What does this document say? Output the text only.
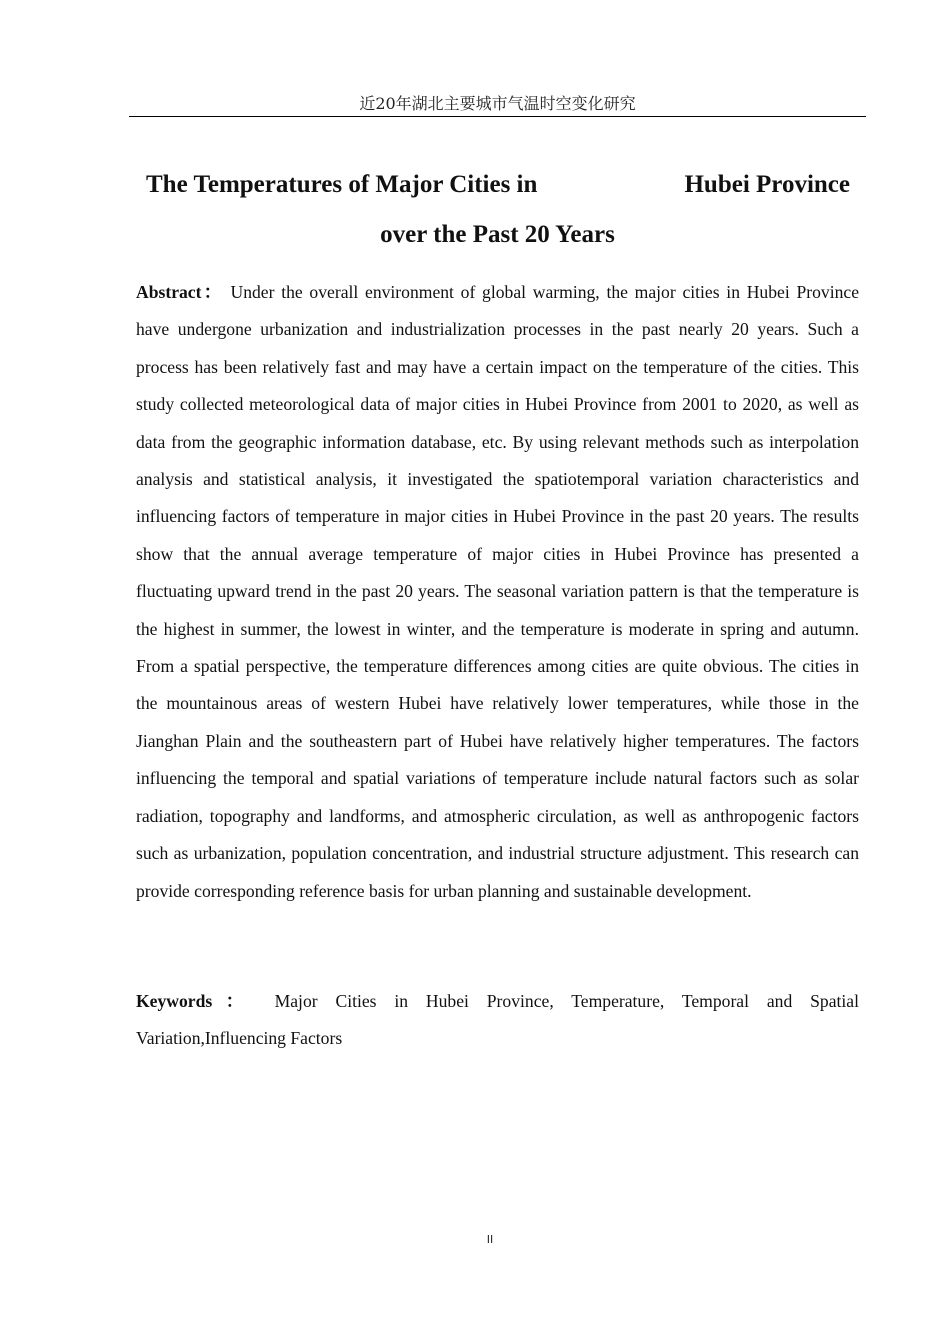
近20年湖北主要城市气温时空变化研究
The Temperatures of Major Cities in	Hubei Province
over the Past 20 Years

Abstract： Under the overall environment of global warming, the major cities in Hubei Province have undergone urbanization and industrialization processes in the past nearly 20 years. Such a process has been relatively fast and may have a certain impact on the temperature of the cities. This study collected meteorological data of major cities in Hubei Province from 2001 to 2020, as well as data from the geographic information database, etc. By using relevant methods such as interpolation analysis and statistical analysis, it investigated the spatiotemporal variation characteristics and influencing factors of temperature in major cities in Hubei Province in the past 20 years. The results show that the annual average temperature of major cities in Hubei Province has presented a fluctuating upward trend in the past 20 years. The seasonal variation pattern is that the temperature is the highest in summer, the lowest in winter, and the temperature is moderate in spring and autumn. From a spatial perspective, the temperature differences among cities are quite obvious. The cities in the mountainous areas of western Hubei have relatively lower temperatures, while those in the Jianghan Plain and the southeastern part of Hubei have relatively higher temperatures. The factors influencing the temporal and spatial variations of temperature include natural factors such as solar radiation, topography and landforms, and atmospheric circulation, as well as anthropogenic factors such as urbanization, population concentration, and industrial structure adjustment. This research can provide corresponding reference basis for urban planning and sustainable development.

Keywords： Major Cities in Hubei Province, Temperature, Temporal and Spatial Variation,Influencing Factors

II
